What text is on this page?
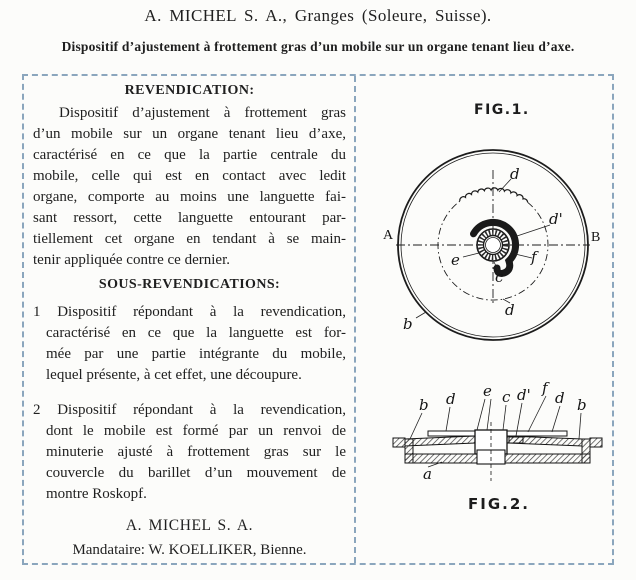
A. MICHEL S. A., Granges (Soleure, Suisse).
Dispositif d’ajustement à frottement gras d’un mobile sur un organe tenant lieu d’axe.
REVENDICATION:
Dispositif d’ajustement à frottement gras
d’un mobile sur un organe tenant lieu d’axe,
caractérisé en ce que la partie centrale du
mobile, celle qui est en contact avec ledit
organe, comporte au moins une languette fai-
sant ressort, cette languette entourant par-
tiellement cet organe en tendant à se main-
tenir appliquée contre ce dernier.
SOUS-REVENDICATIONS:
1 Dispositif répondant à la revendication,
caractérisé en ce que la languette est for-
mée par une partie intégrante du mobile,
lequel présente, à cet effet, une découpure.
2 Dispositif répondant à la revendication,
dont le mobile est formé par un renvoi de
minuterie ajusté à frottement gras sur le
couvercle du barillet d’un mouvement de
montre Roskopf.
A. MICHEL S. A.
Mandataire: W. KOELLIKER, Bienne.
FIG.1.
A	B
d
d
d'
e	f
c
b
b d e c d' f
d b
a
FIG.2.
